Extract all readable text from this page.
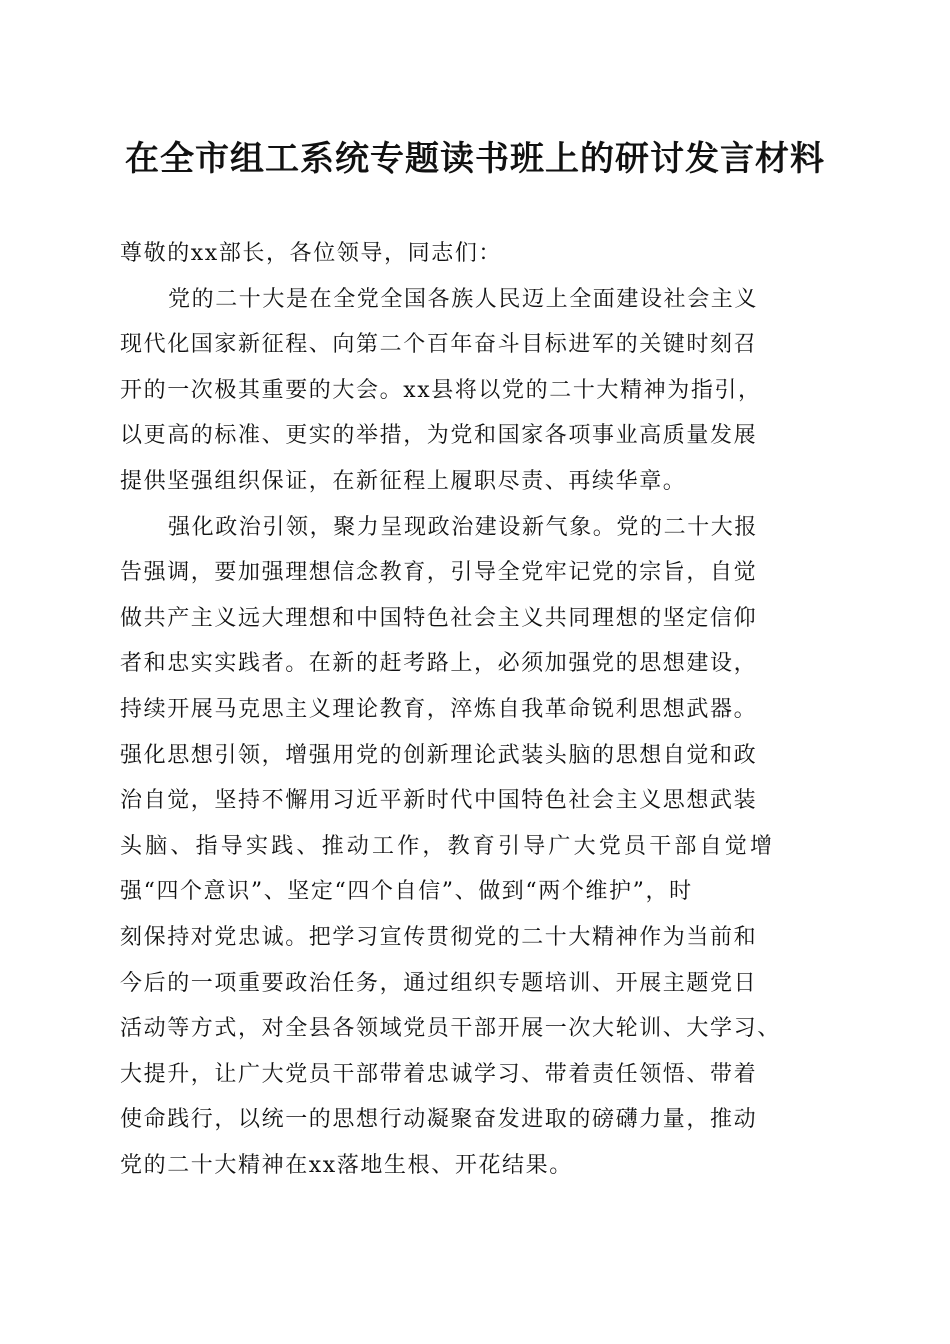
在全市组工系统专题读书班上的研讨发言材料
尊敬的xx部长，各位领导，同志们：
党的二十大是在全党全国各族人民迈上全面建设社会主义
现代化国家新征程、向第二个百年奋斗目标进军的关键时刻召
开的一次极其重要的大会。xx县将以党的二十大精神为指引，
以更高的标准、更实的举措，为党和国家各项事业高质量发展
提供坚强组织保证，在新征程上履职尽责、再续华章。
强化政治引领，聚力呈现政治建设新气象。党的二十大报
告强调，要加强理想信念教育，引导全党牢记党的宗旨，自觉
做共产主义远大理想和中国特色社会主义共同理想的坚定信仰
者和忠实实践者。在新的赶考路上，必须加强党的思想建设，
持续开展马克思主义理论教育，淬炼自我革命锐利思想武器。
强化思想引领，增强用党的创新理论武装头脑的思想自觉和政
治自觉，坚持不懈用习近平新时代中国特色社会主义思想武装
头脑、指导实践、推动工作，教育引导广大党员干部自觉增
强“四个意识”、坚定“四个自信”、做到“两个维护”，时
刻保持对党忠诚。把学习宣传贯彻党的二十大精神作为当前和
今后的一项重要政治任务，通过组织专题培训、开展主题党日
活动等方式，对全县各领域党员干部开展一次大轮训、大学习、
大提升，让广大党员干部带着忠诚学习、带着责任领悟、带着
使命践行，以统一的思想行动凝聚奋发进取的磅礴力量，推动
党的二十大精神在xx落地生根、开花结果。
